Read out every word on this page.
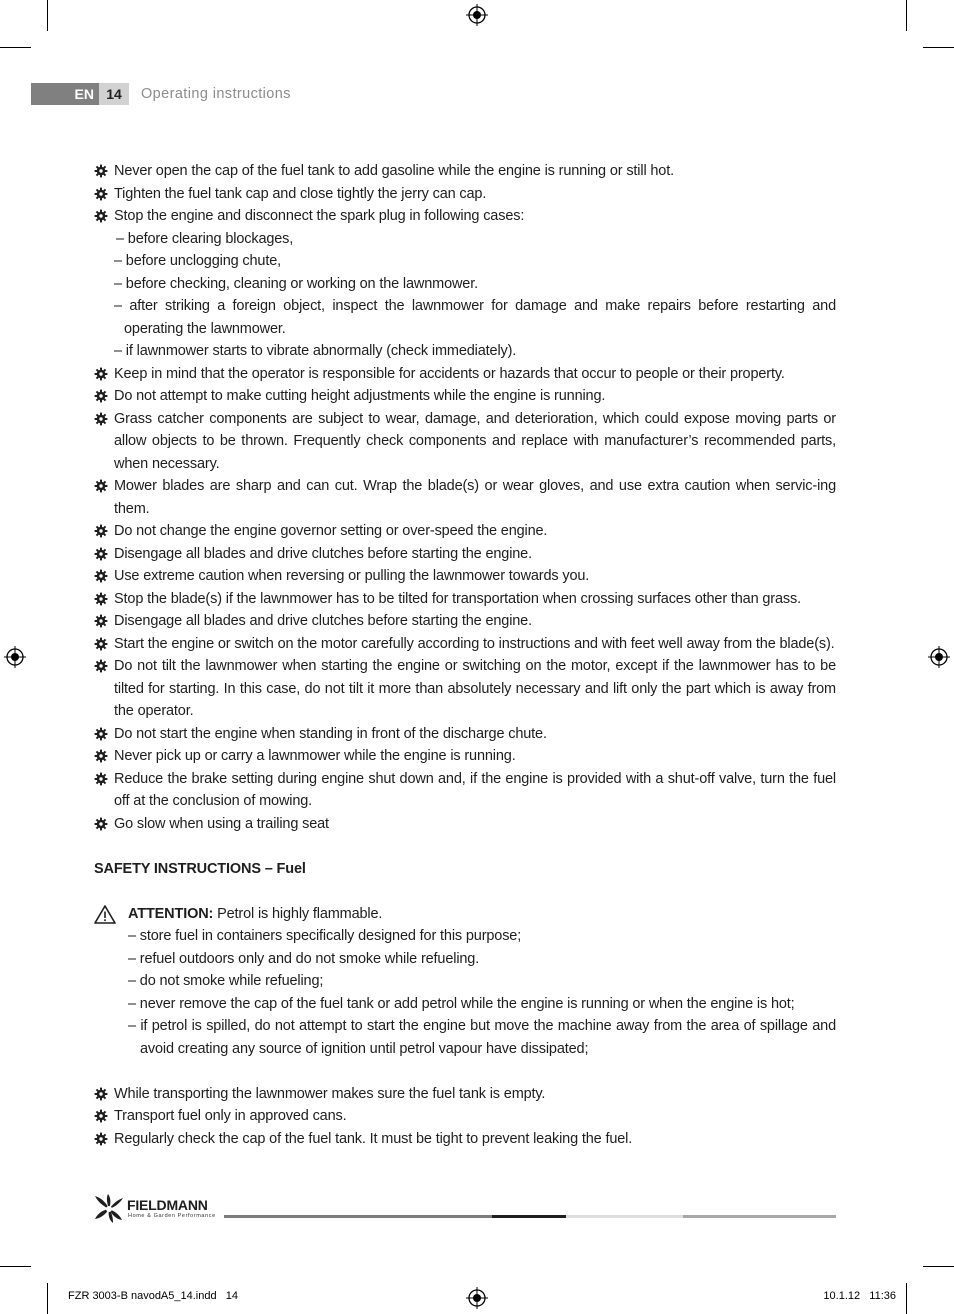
EN 14	Operating instructions
Never open the cap of the fuel tank to add gasoline while the engine is running or still hot.
Tighten the fuel tank cap and close tightly the jerry can cap.
Stop the engine and disconnect the spark plug in following cases:
– before clearing blockages,
– before unclogging chute,
– before checking, cleaning or working on the lawnmower.
– after striking a foreign object, inspect the lawnmower for damage and make repairs before restarting and operating the lawnmower.
– if lawnmower starts to vibrate abnormally (check immediately).
Keep in mind that the operator is responsible for accidents or hazards that occur to people or their property.
Do not attempt to make cutting height adjustments while the engine is running.
Grass catcher components are subject to wear, damage, and deterioration, which could expose moving parts or allow objects to be thrown. Frequently check components and replace with manufacturer’s recommended parts, when necessary.
Mower blades are sharp and can cut. Wrap the blade(s) or wear gloves, and use extra caution when servic-ing them.
Do not change the engine governor setting or over-speed the engine.
Disengage all blades and drive clutches before starting the engine.
Use extreme caution when reversing or pulling the lawnmower towards you.
Stop the blade(s) if the lawnmower has to be tilted for transportation when crossing surfaces other than grass.
Disengage all blades and drive clutches before starting the engine.
Start the engine or switch on the motor carefully according to instructions and with feet well away from the blade(s).
Do not tilt the lawnmower when starting the engine or switching on the motor, except if the lawnmower has to be tilted for starting. In this case, do not tilt it more than absolutely necessary and lift only the part which is away from the operator.
Do not start the engine when standing in front of the discharge chute.
Never pick up or carry a lawnmower while the engine is running.
Reduce the brake setting during engine shut down and, if the engine is provided with a shut-off valve, turn the fuel off at the conclusion of mowing.
Go slow when using a trailing seat
SAFETY INSTRUCTIONS – Fuel
ATTENTION: Petrol is highly flammable.
– store fuel in containers specifically designed for this purpose;
– refuel outdoors only and do not smoke while refueling.
– do not smoke while refueling;
– never remove the cap of the fuel tank or add petrol while the engine is running or when the engine is hot;
– if petrol is spilled, do not attempt to start the engine but move the machine away from the area of spillage and avoid creating any source of ignition until petrol vapour have dissipated;
While transporting the lawnmower makes sure the fuel tank is empty.
Transport fuel only in approved cans.
Regularly check the cap of the fuel tank. It must be tight to prevent leaking the fuel.
FIELDMANN
Home & Garden Performance
FZR 3003-B navodA5_14.indd   14	10.1.12   11:36
